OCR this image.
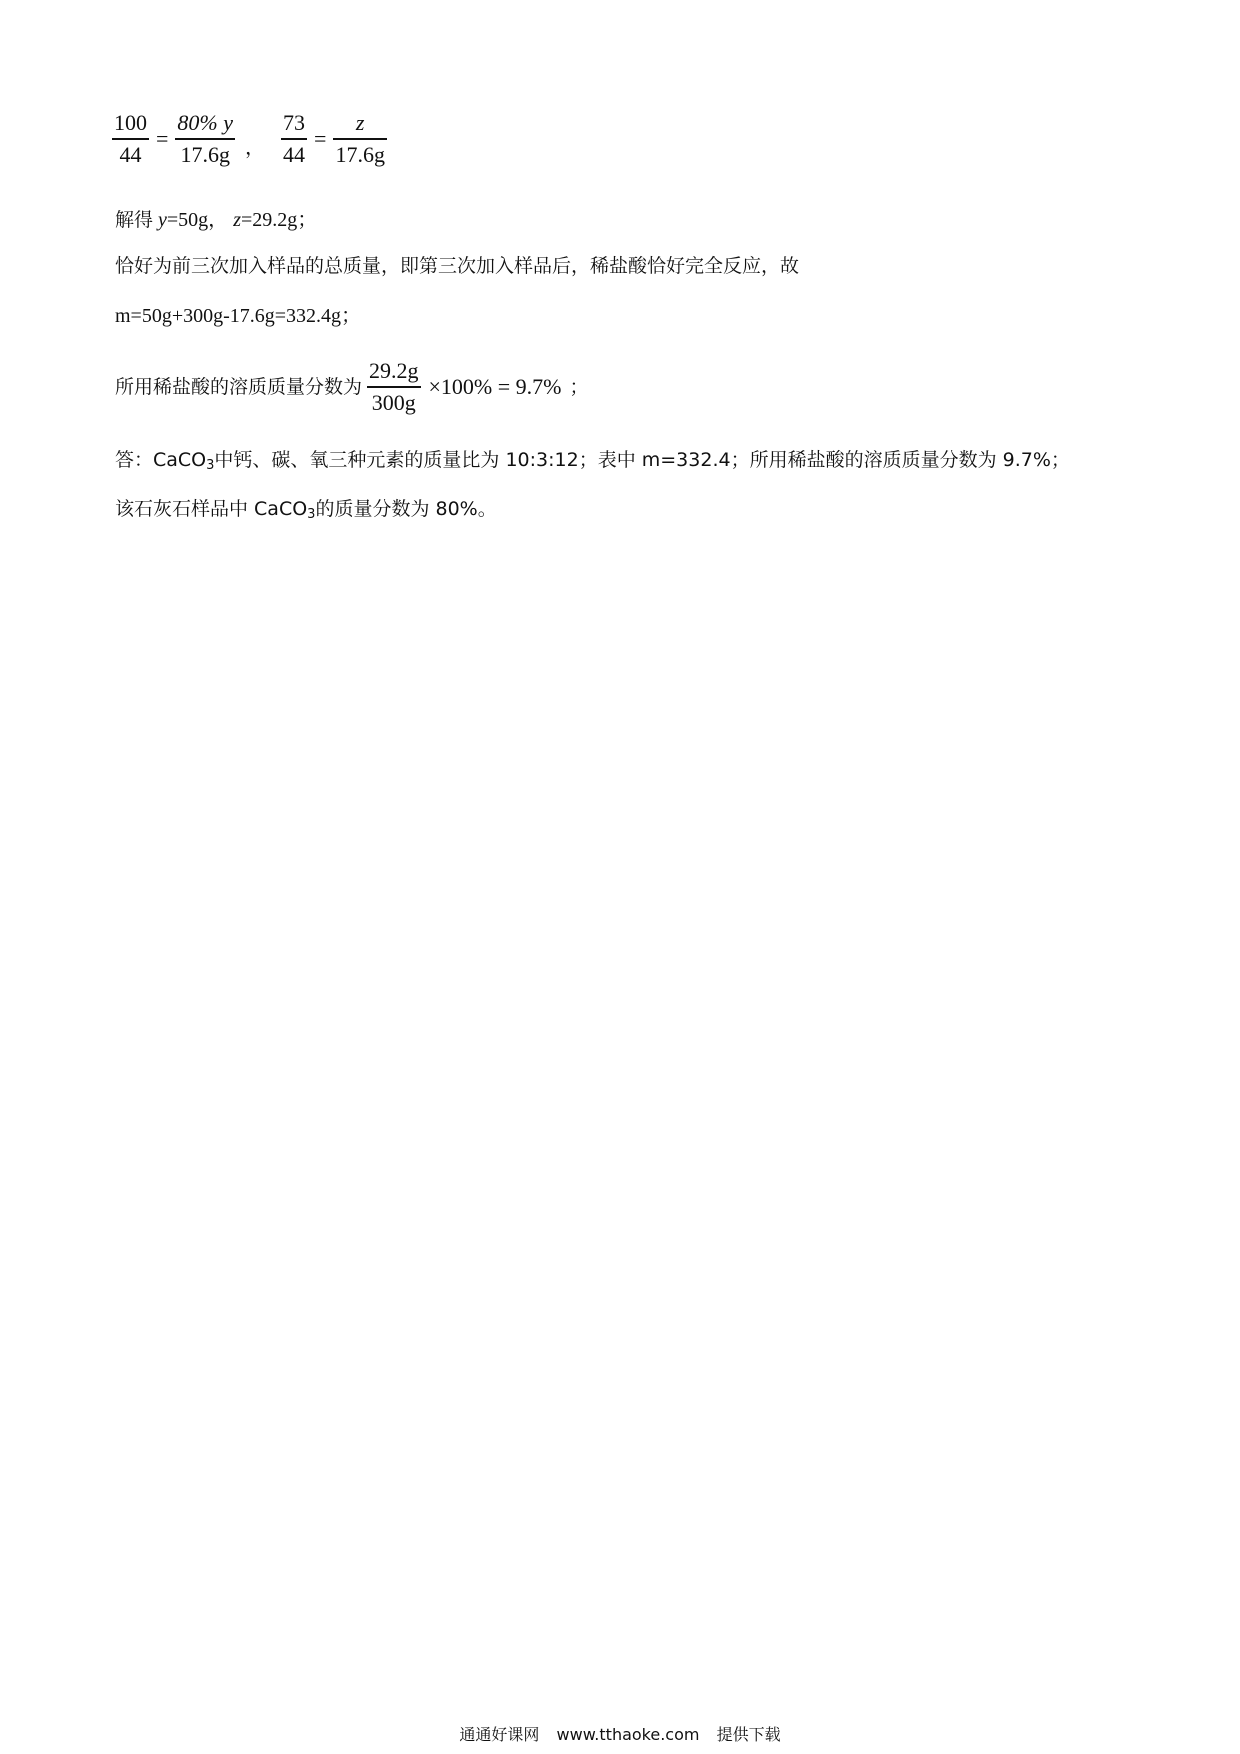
$\frac{100}{44} = \frac{80\% y}{17.6g}$ ， $\frac{73}{44} = \frac{z}{17.6g}$
解得 y=50g， z=29.2g；
恰好为前三次加入样品的总质量，即第三次加入样品后，稀盐酸恰好完全反应，故
m=50g+300g-17.6g=332.4g；
所用稀盐酸的溶质质量分数为 $\frac{29.2g}{300g} \times 100\% = 9.7\%$ ；
答：CaCO$_3$中钙、碳、氧三种元素的质量比为 10:3:12；表中 m=332.4；所用稀盐酸的溶质质量分数为 9.7%；
该石灰石样品中 CaCO$_3$的质量分数为 80%。
通通好课网 www.tthaoke.com 提供下载
